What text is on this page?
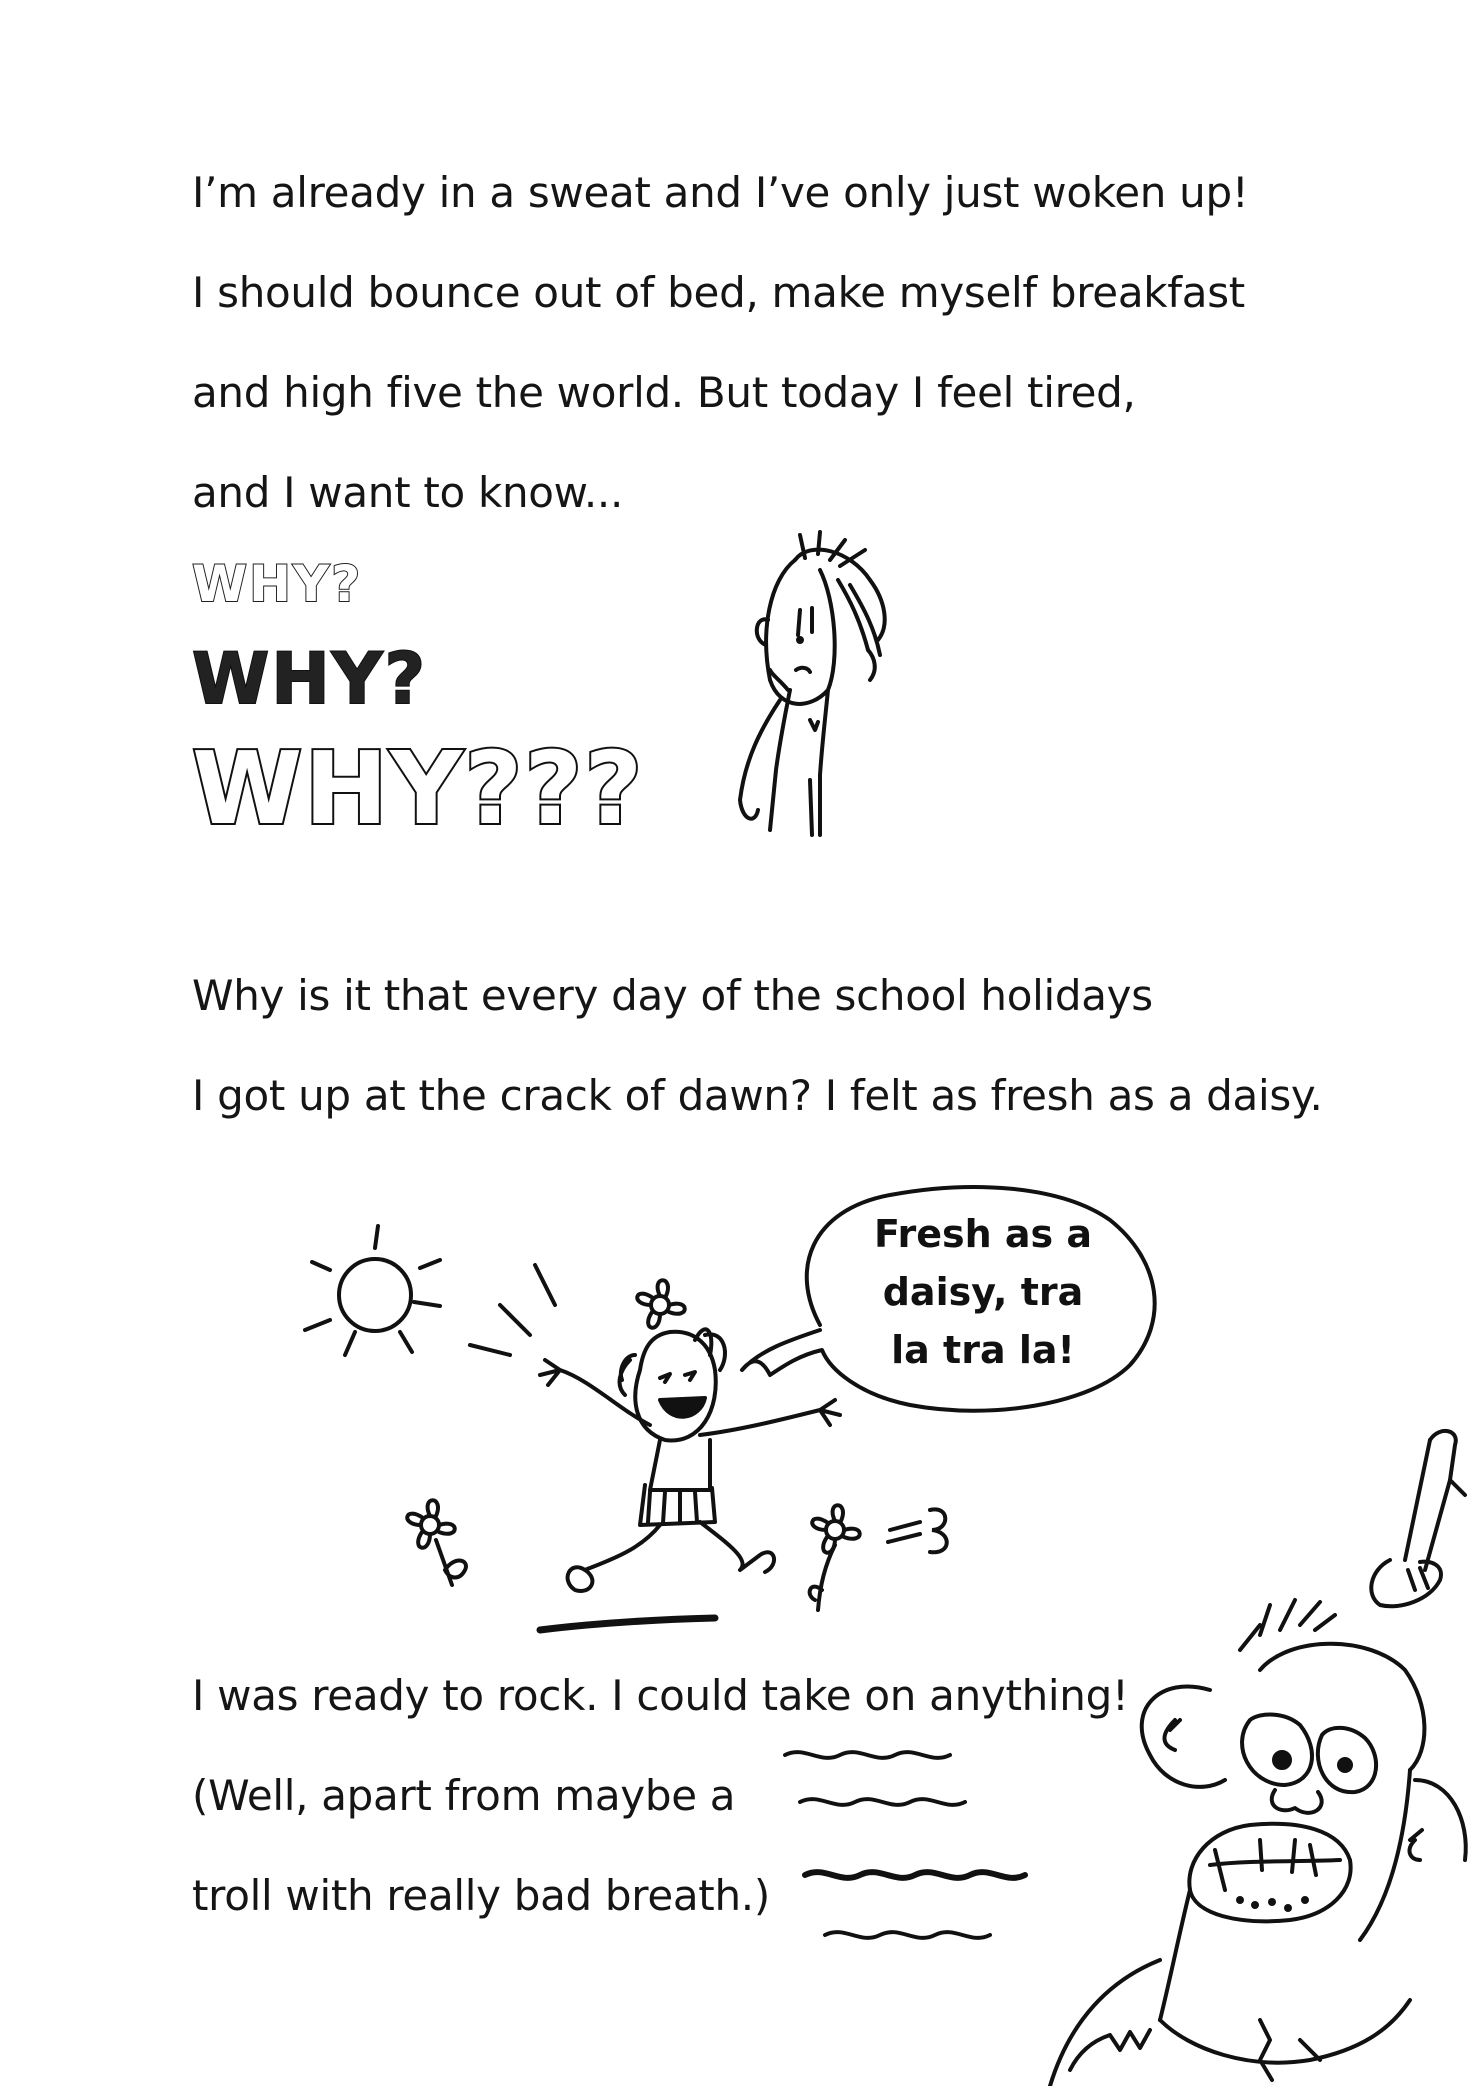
I’m already in a sweat and I’ve only just woken up!
I should bounce out of bed, make myself breakfast
and high five the world. But today I feel tired,
and I want to know...
WHY?
WHY?
WHY???
Why is it that every day of the school holidays
I got up at the crack of dawn? I felt as fresh as a daisy.
Fresh as a
daisy, tra
la tra la!
I was ready to rock. I could take on anything!
(Well, apart from maybe a
troll with really bad breath.)
